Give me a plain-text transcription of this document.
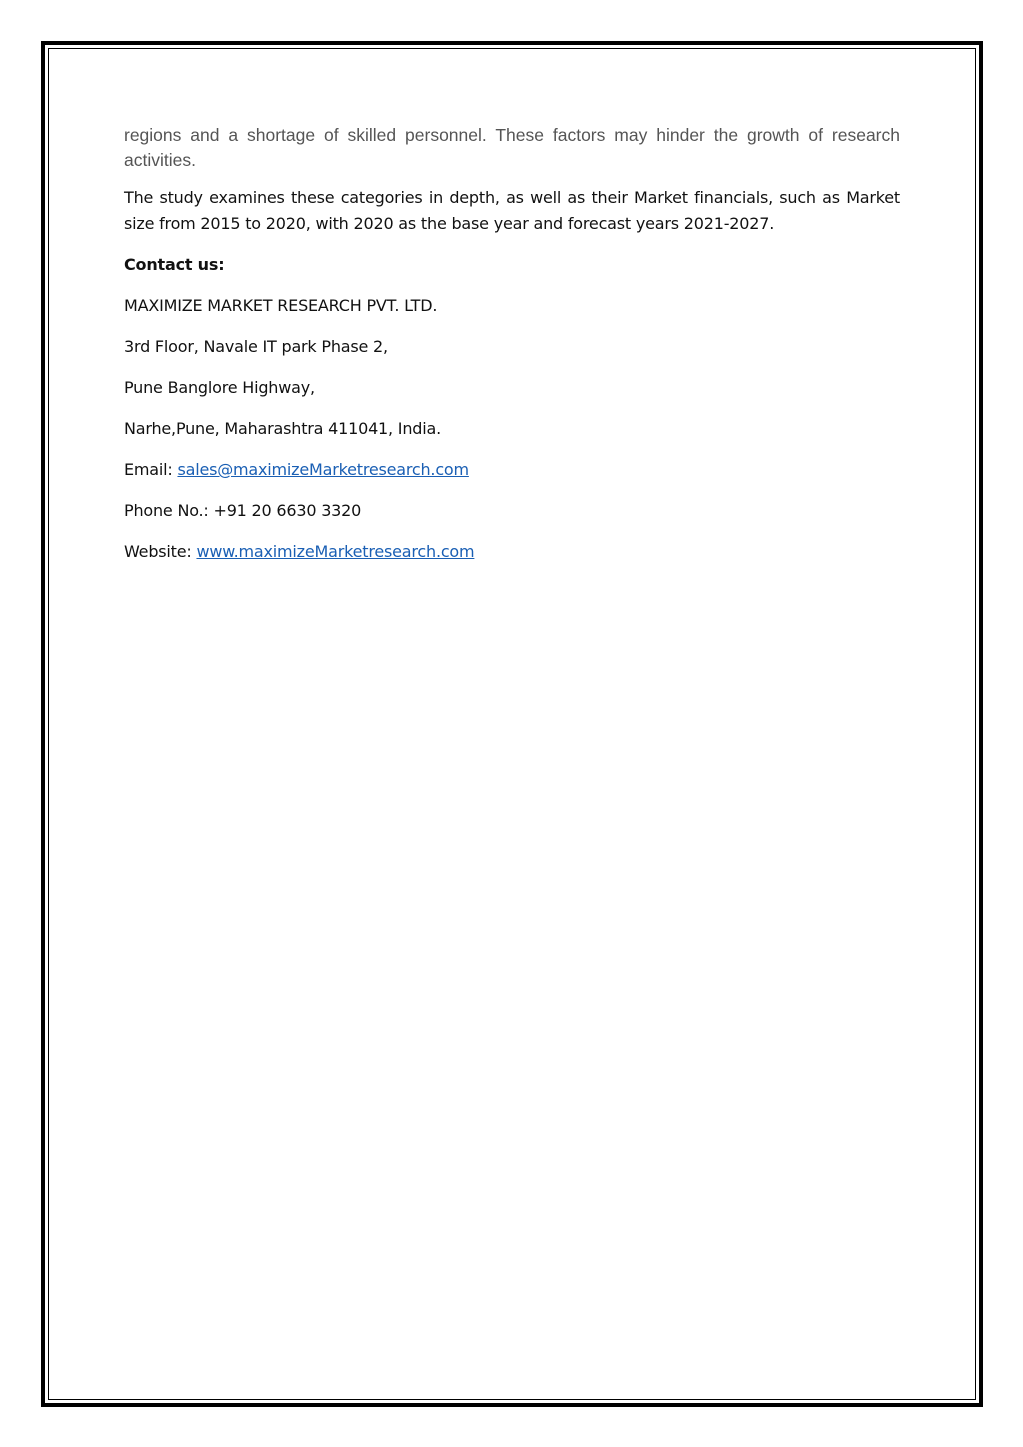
regions and a shortage of skilled personnel. These factors may hinder the growth of research activities.

The study examines these categories in depth, as well as their Market financials, such as Market size from 2015 to 2020, with 2020 as the base year and forecast years 2021-2027.

Contact us:

MAXIMIZE MARKET RESEARCH PVT. LTD.

3rd Floor, Navale IT park Phase 2,

Pune Banglore Highway,

Narhe,Pune, Maharashtra 411041, India.

Email: sales@maximizeMarketresearch.com

Phone No.: +91 20 6630 3320

Website: www.maximizeMarketresearch.com
